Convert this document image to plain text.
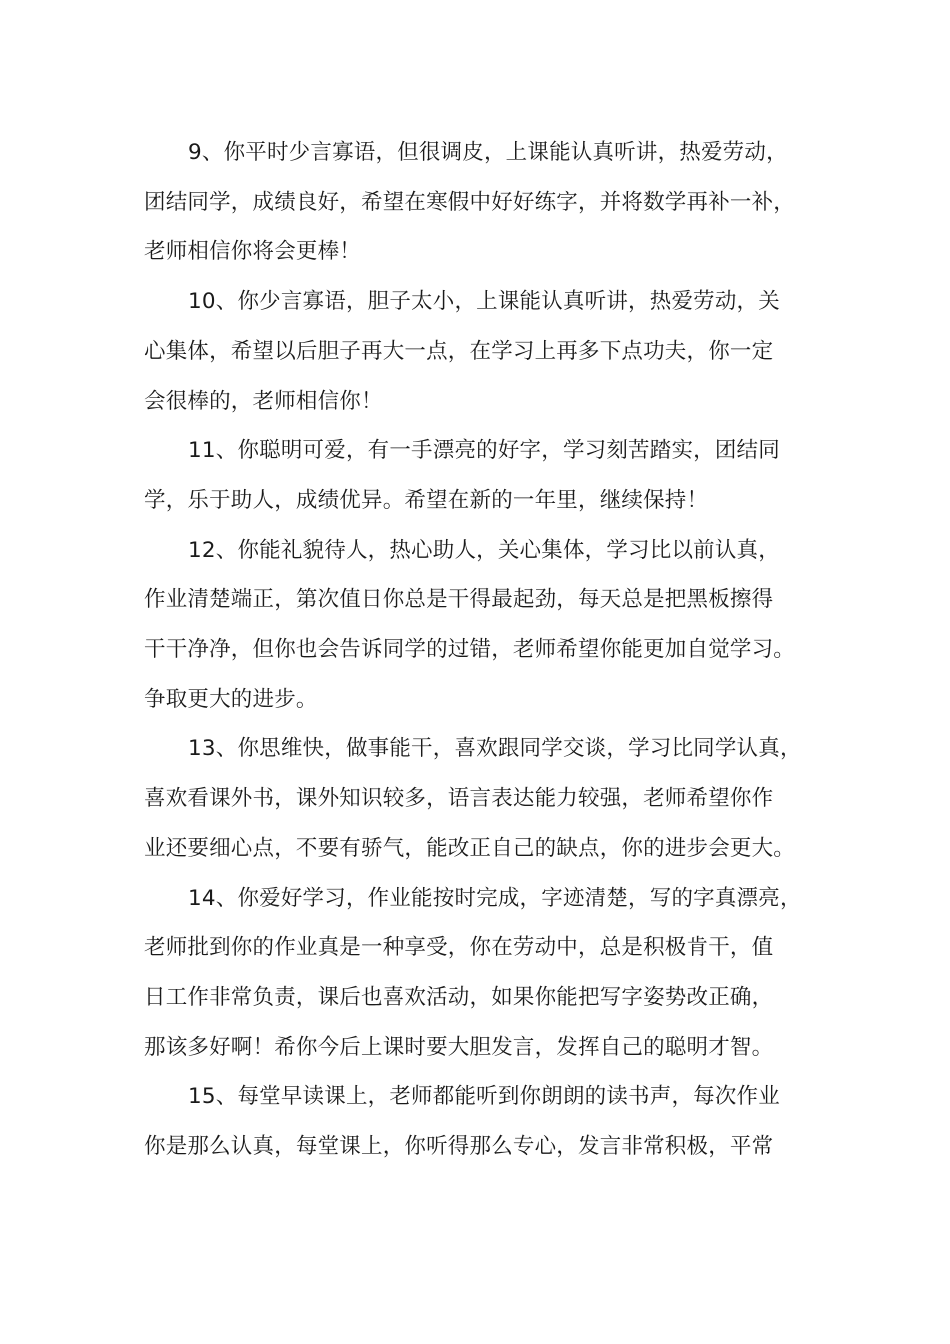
9、你平时少言寡语，但很调皮，上课能认真听讲，热爱劳动，
团结同学，成绩良好，希望在寒假中好好练字，并将数学再补一补，
老师相信你将会更棒！

10、你少言寡语，胆子太小，上课能认真听讲，热爱劳动，关
心集体，希望以后胆子再大一点，在学习上再多下点功夫，你一定
会很棒的，老师相信你！

11、你聪明可爱，有一手漂亮的好字，学习刻苦踏实，团结同
学，乐于助人，成绩优异。希望在新的一年里，继续保持！

12、你能礼貌待人，热心助人，关心集体，学习比以前认真，
作业清楚端正，第次值日你总是干得最起劲，每天总是把黑板擦得
干干净净，但你也会告诉同学的过错，老师希望你能更加自觉学习。
争取更大的进步。

13、你思维快，做事能干，喜欢跟同学交谈，学习比同学认真，
喜欢看课外书，课外知识较多，语言表达能力较强，老师希望你作
业还要细心点，不要有骄气，能改正自己的缺点，你的进步会更大。

14、你爱好学习，作业能按时完成，字迹清楚，写的字真漂亮，
老师批到你的作业真是一种享受，你在劳动中，总是积极肯干，值
日工作非常负责，课后也喜欢活动，如果你能把写字姿势改正确，
那该多好啊！希你今后上课时要大胆发言，发挥自己的聪明才智。

15、每堂早读课上，老师都能听到你朗朗的读书声，每次作业
你是那么认真，每堂课上，你听得那么专心，发言非常积极，平常
